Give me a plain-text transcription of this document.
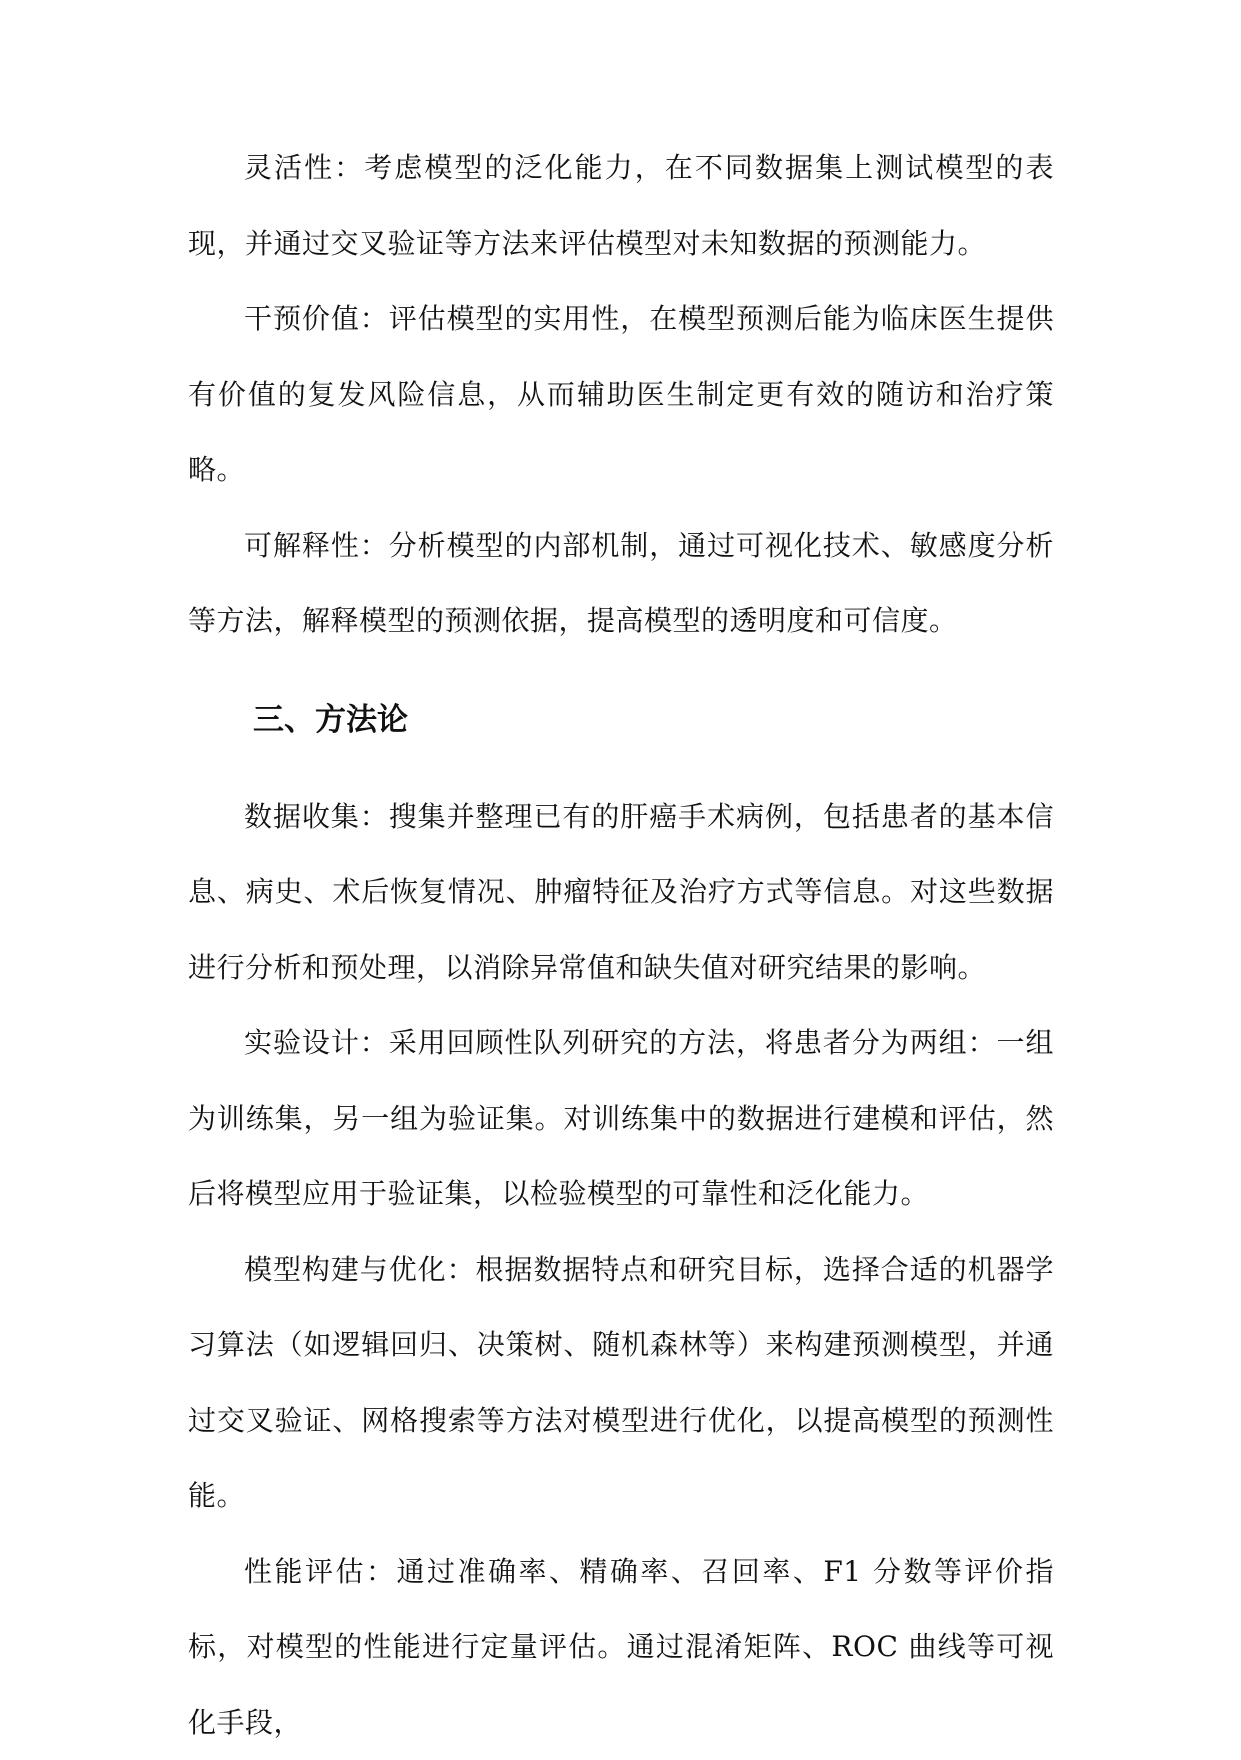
灵活性：考虑模型的泛化能力，在不同数据集上测试模型的表现，并通过交叉验证等方法来评估模型对未知数据的预测能力。

干预价值：评估模型的实用性，在模型预测后能为临床医生提供有价值的复发风险信息，从而辅助医生制定更有效的随访和治疗策略。

可解释性：分析模型的内部机制，通过可视化技术、敏感度分析等方法，解释模型的预测依据，提高模型的透明度和可信度。

三、方法论

数据收集：搜集并整理已有的肝癌手术病例，包括患者的基本信息、病史、术后恢复情况、肿瘤特征及治疗方式等信息。对这些数据进行分析和预处理，以消除异常值和缺失值对研究结果的影响。

实验设计：采用回顾性队列研究的方法，将患者分为两组：一组为训练集，另一组为验证集。对训练集中的数据进行建模和评估，然后将模型应用于验证集，以检验模型的可靠性和泛化能力。

模型构建与优化：根据数据特点和研究目标，选择合适的机器学习算法（如逻辑回归、决策树、随机森林等）来构建预测模型，并通过交叉验证、网格搜索等方法对模型进行优化，以提高模型的预测性能。

性能评估：通过准确率、精确率、召回率、F1 分数等评价指标，对模型的性能进行定量评估。通过混淆矩阵、ROC 曲线等可视化手段，
